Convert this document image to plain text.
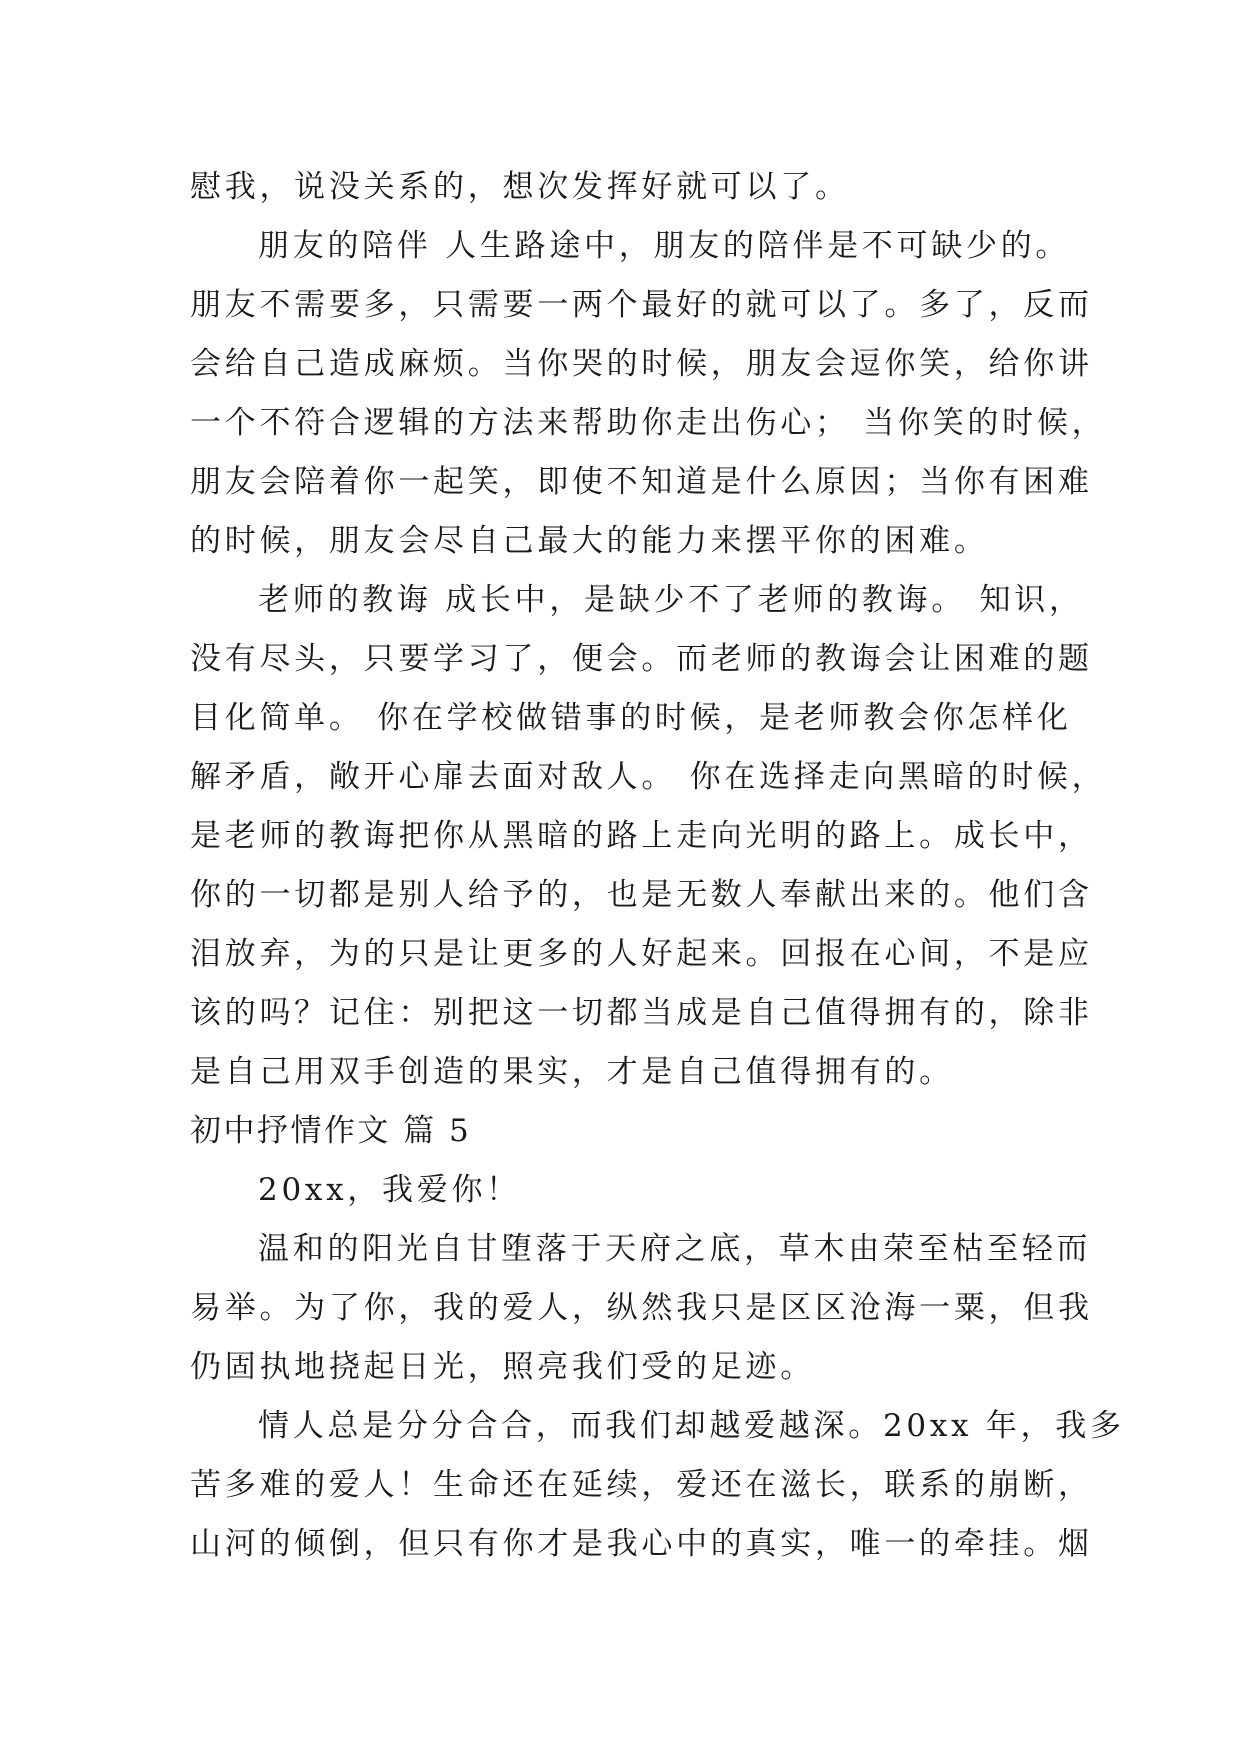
慰我，说没关系的，想次发挥好就可以了。
朋友的陪伴 人生路途中，朋友的陪伴是不可缺少的。
朋友不需要多，只需要一两个最好的就可以了。多了，反而
会给自己造成麻烦。当你哭的时候，朋友会逗你笑，给你讲
一个不符合逻辑的方法来帮助你走出伤心； 当你笑的时候，
朋友会陪着你一起笑，即使不知道是什么原因；当你有困难
的时候，朋友会尽自己最大的能力来摆平你的困难。
老师的教诲 成长中，是缺少不了老师的教诲。 知识，
没有尽头，只要学习了，便会。而老师的教诲会让困难的题
目化简单。 你在学校做错事的时候，是老师教会你怎样化
解矛盾，敞开心扉去面对敌人。 你在选择走向黑暗的时候，
是老师的教诲把你从黑暗的路上走向光明的路上。成长中，
你的一切都是别人给予的，也是无数人奉献出来的。他们含
泪放弃，为的只是让更多的人好起来。回报在心间，不是应
该的吗？记住：别把这一切都当成是自己值得拥有的，除非
是自己用双手创造的果实，才是自己值得拥有的。
初中抒情作文 篇 5
20xx，我爱你！
温和的阳光自甘堕落于天府之底，草木由荣至枯至轻而
易举。为了你，我的爱人，纵然我只是区区沧海一粟，但我
仍固执地挠起日光，照亮我们受的足迹。
情人总是分分合合，而我们却越爱越深。20xx 年，我多
苦多难的爱人！生命还在延续，爱还在滋长，联系的崩断，
山河的倾倒，但只有你才是我心中的真实，唯一的牵挂。烟
